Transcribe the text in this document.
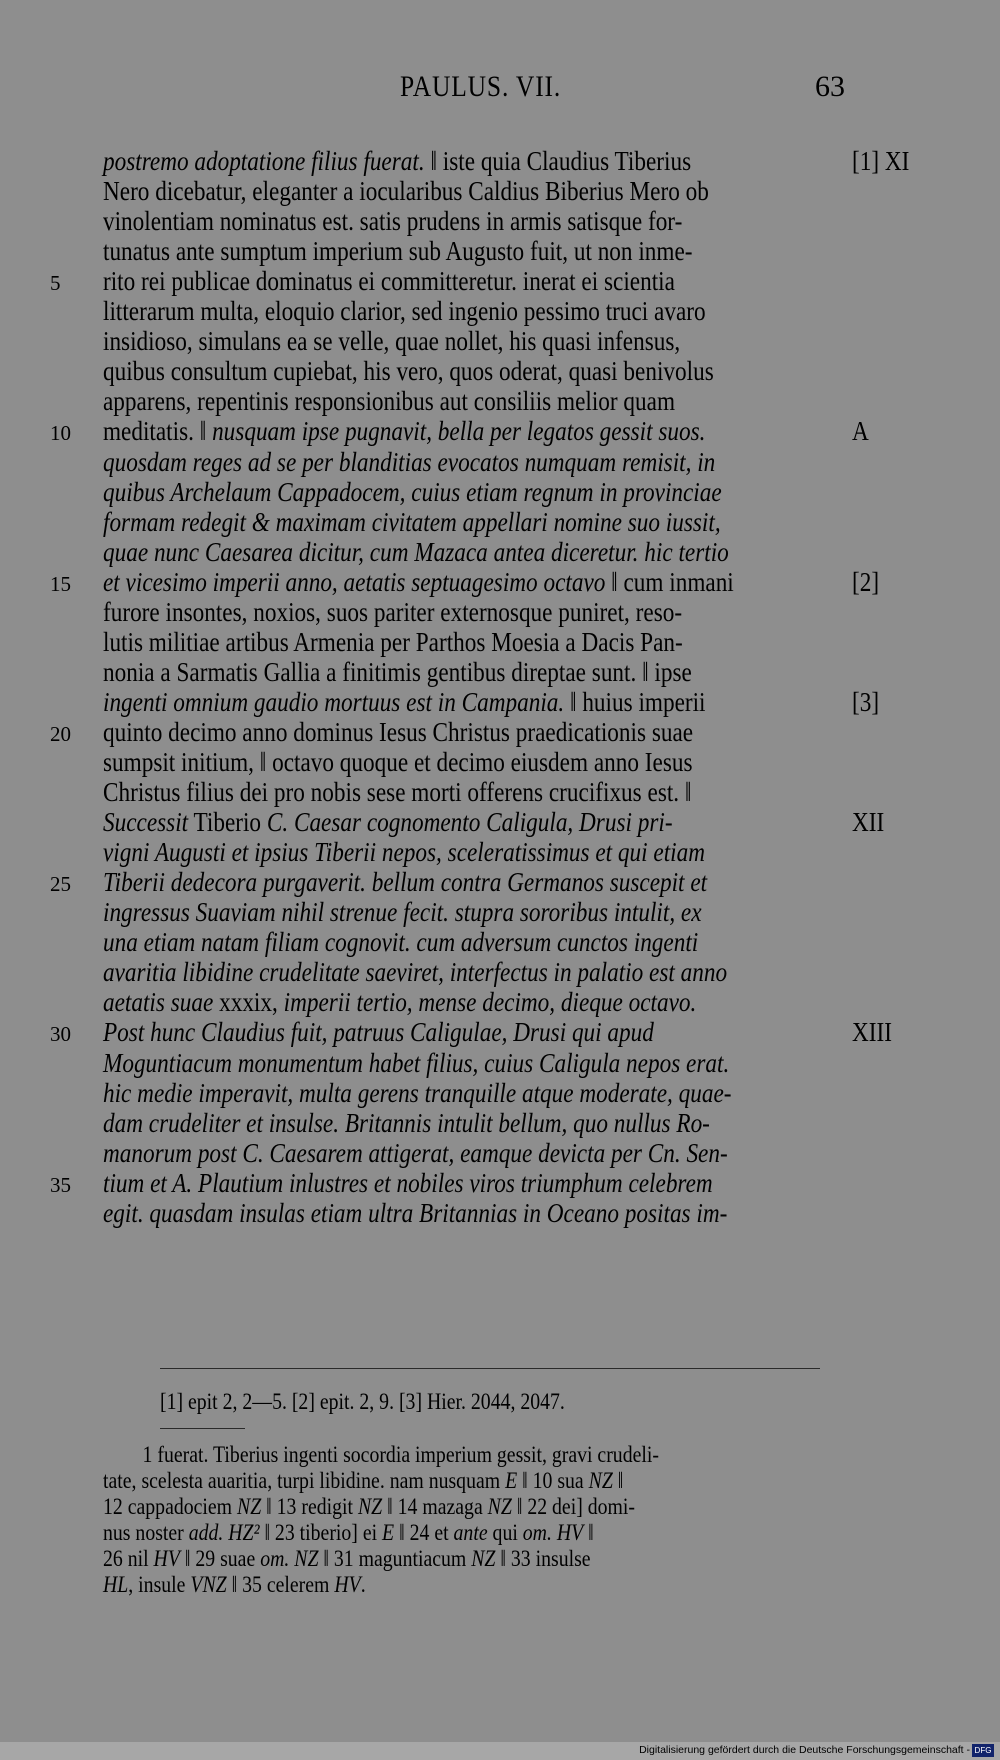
PAULUS. VII.	63
postremo adoptatione filius fuerat. ‖ iste quia Claudius Tiberius
Nero dicebatur, eleganter a iocularibus Caldius Biberius Mero ob
vinolentiam nominatus est. satis prudens in armis satisque for-
tunatus ante sumptum imperium sub Augusto fuit, ut non inme-
rito rei publicae dominatus ei committeretur. inerat ei scientia
litterarum multa, eloquio clarior, sed ingenio pessimo truci avaro
insidioso, simulans ea se velle, quae nollet, his quasi infensus,
quibus consultum cupiebat, his vero, quos oderat, quasi benivolus
apparens, repentinis responsionibus aut consiliis melior quam
meditatis. ‖ nusquam ipse pugnavit, bella per legatos gessit suos.
quosdam reges ad se per blanditias evocatos numquam remisit, in
quibus Archelaum Cappadocem, cuius etiam regnum in provinciae
formam redegit & maximam civitatem appellari nomine suo iussit,
quae nunc Caesarea dicitur, cum Mazaca antea diceretur. hic tertio
et vicesimo imperii anno, aetatis septuagesimo octavo ‖ cum inmani
furore insontes, noxios, suos pariter externosque puniret, reso-
lutis militiae artibus Armenia per Parthos Moesia a Dacis Pan-
nonia a Sarmatis Gallia a finitimis gentibus direptae sunt. ‖ ipse
ingenti omnium gaudio mortuus est in Campania. ‖ huius imperii
quinto decimo anno dominus Iesus Christus praedicationis suae
sumpsit initium, ‖ octavo quoque et decimo eiusdem anno Iesus
Christus filius dei pro nobis sese morti offerens crucifixus est. ‖
Successit Tiberio C. Caesar cognomento Caligula, Drusi pri-
vigni Augusti et ipsius Tiberii nepos, sceleratissimus et qui etiam
Tiberii dedecora purgaverit. bellum contra Germanos suscepit et
ingressus Suaviam nihil strenue fecit. stupra sororibus intulit, ex
una etiam natam filiam cognovit. cum adversum cunctos ingenti
avaritia libidine crudelitate saeviret, interfectus in palatio est anno
aetatis suae xxxix, imperii tertio, mense decimo, dieque octavo.
Post hunc Claudius fuit, patruus Caligulae, Drusi qui apud
Moguntiacum monumentum habet filius, cuius Caligula nepos erat.
hic medie imperavit, multa gerens tranquille atque moderate, quae-
dam crudeliter et insulse. Britannis intulit bellum, quo nullus Ro-
manorum post C. Caesarem attigerat, eamque devicta per Cn. Sen-
tium et A. Plautium inlustres et nobiles viros triumphum celebrem
egit. quasdam insulas etiam ultra Britannias in Oceano positas im-
5
10
15
20
25
30
35
[1] XI
A
[2]
[3]
XII
XIII
[1] epit 2, 2—5. [2] epit. 2, 9. [3] Hier. 2044, 2047.
1 fuerat. Tiberius ingenti socordia imperium gessit, gravi crudeli-
tate, scelesta auaritia, turpi libidine. nam nusquam E ‖ 10 sua NZ ‖
12 cappadociem NZ ‖ 13 redigit NZ ‖ 14 mazaga NZ ‖ 22 dei] domi-
nus noster add. HZ² ‖ 23 tiberio] ei E ‖ 24 et ante qui om. HV ‖
26 nil HV ‖ 29 suae om. NZ ‖ 31 maguntiacum NZ ‖ 33 insulse
HL, insule VNZ ‖ 35 celerem HV.
Digitalisierung gefördert durch die Deutsche Forschungsgemeinschaft - DFG
